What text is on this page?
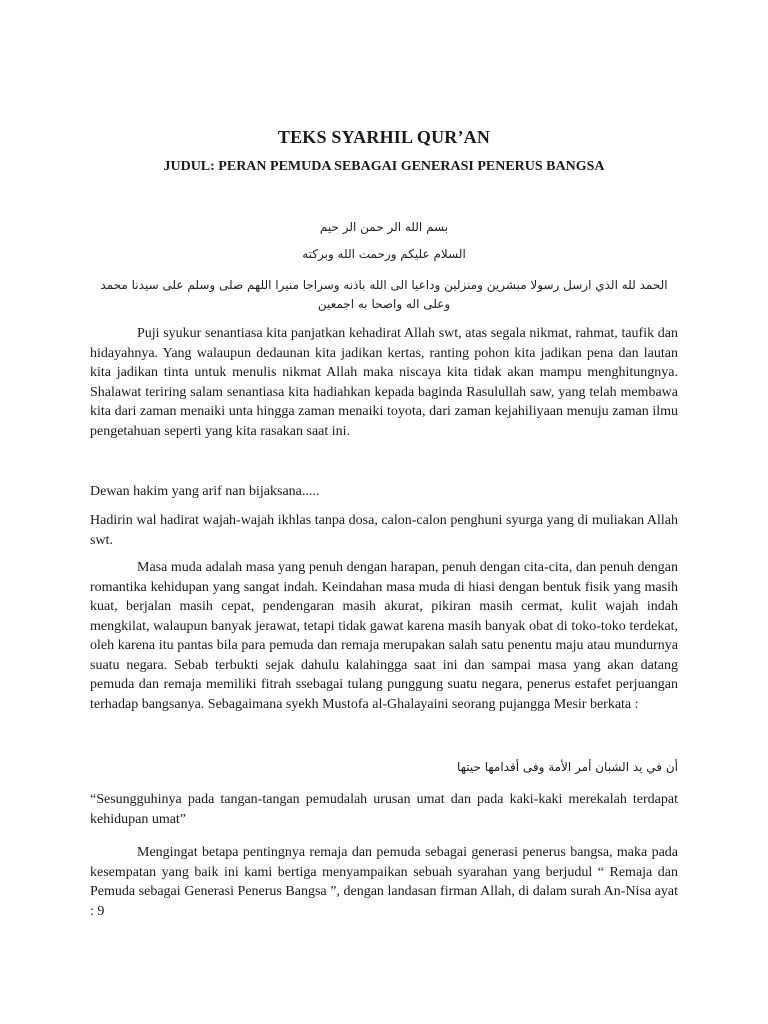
TEKS SYARHIL QUR’AN
JUDUL: PERAN PEMUDA SEBAGAI GENERASI PENERUS BANGSA
بسم الله الر حمن الر حيم
السلام عليكم ورحمت الله وبركته
الحمد لله الذي ارسل رسولا مبشرين ومنزلين وداعيا الى الله باذنه وسراجا منيرا اللهم صلى وسلم على سيدنا محمد وعلى اله واصحا به اجمعين

Puji syukur senantiasa kita panjatkan kehadirat Allah swt, atas segala nikmat, rahmat, taufik dan hidayahnya. Yang walaupun dedaunan kita jadikan kertas, ranting pohon kita jadikan pena dan lautan kita jadikan tinta untuk menulis nikmat Allah maka niscaya kita tidak akan mampu menghitungnya. Shalawat teriring salam senantiasa kita hadiahkan kepada baginda Rasulullah saw, yang telah membawa kita dari zaman menaiki unta hingga zaman menaiki toyota, dari zaman kejahiliyaan menuju zaman ilmu pengetahuan seperti yang kita rasakan saat ini.

Dewan hakim yang arif nan bijaksana.....

Hadirin wal hadirat wajah-wajah ikhlas tanpa dosa, calon-calon penghuni syurga yang di muliakan Allah swt.

Masa muda adalah masa yang penuh dengan harapan, penuh dengan cita-cita, dan penuh dengan romantika kehidupan yang sangat indah. Keindahan masa muda di hiasi dengan bentuk fisik yang masih kuat, berjalan masih cepat, pendengaran masih akurat, pikiran masih cermat, kulit wajah indah mengkilat, walaupun banyak jerawat, tetapi tidak gawat karena masih banyak obat di toko-toko terdekat, oleh karena itu pantas bila para pemuda dan remaja merupakan salah satu penentu maju atau mundurnya suatu negara. Sebab terbukti sejak dahulu kalahingga saat ini dan sampai masa yang akan datang pemuda dan remaja memiliki fitrah ssebagai tulang punggung suatu negara, penerus estafet perjuangan terhadap bangsanya. Sebagaimana syekh Mustofa al-Ghalayaini seorang pujangga Mesir berkata :

أن في يد الشبان أمر الأمة وفى أقدامها حيتها

“Sesungguhinya pada tangan-tangan pemudalah urusan umat dan pada kaki-kaki merekalah terdapat kehidupan umat”

Mengingat betapa pentingnya remaja dan pemuda sebagai generasi penerus bangsa, maka pada kesempatan yang baik ini kami bertiga menyampaikan sebuah syarahan yang berjudul “ Remaja dan Pemuda sebagai Generasi Penerus Bangsa ”, dengan landasan firman Allah, di dalam surah An-Nisa ayat : 9
